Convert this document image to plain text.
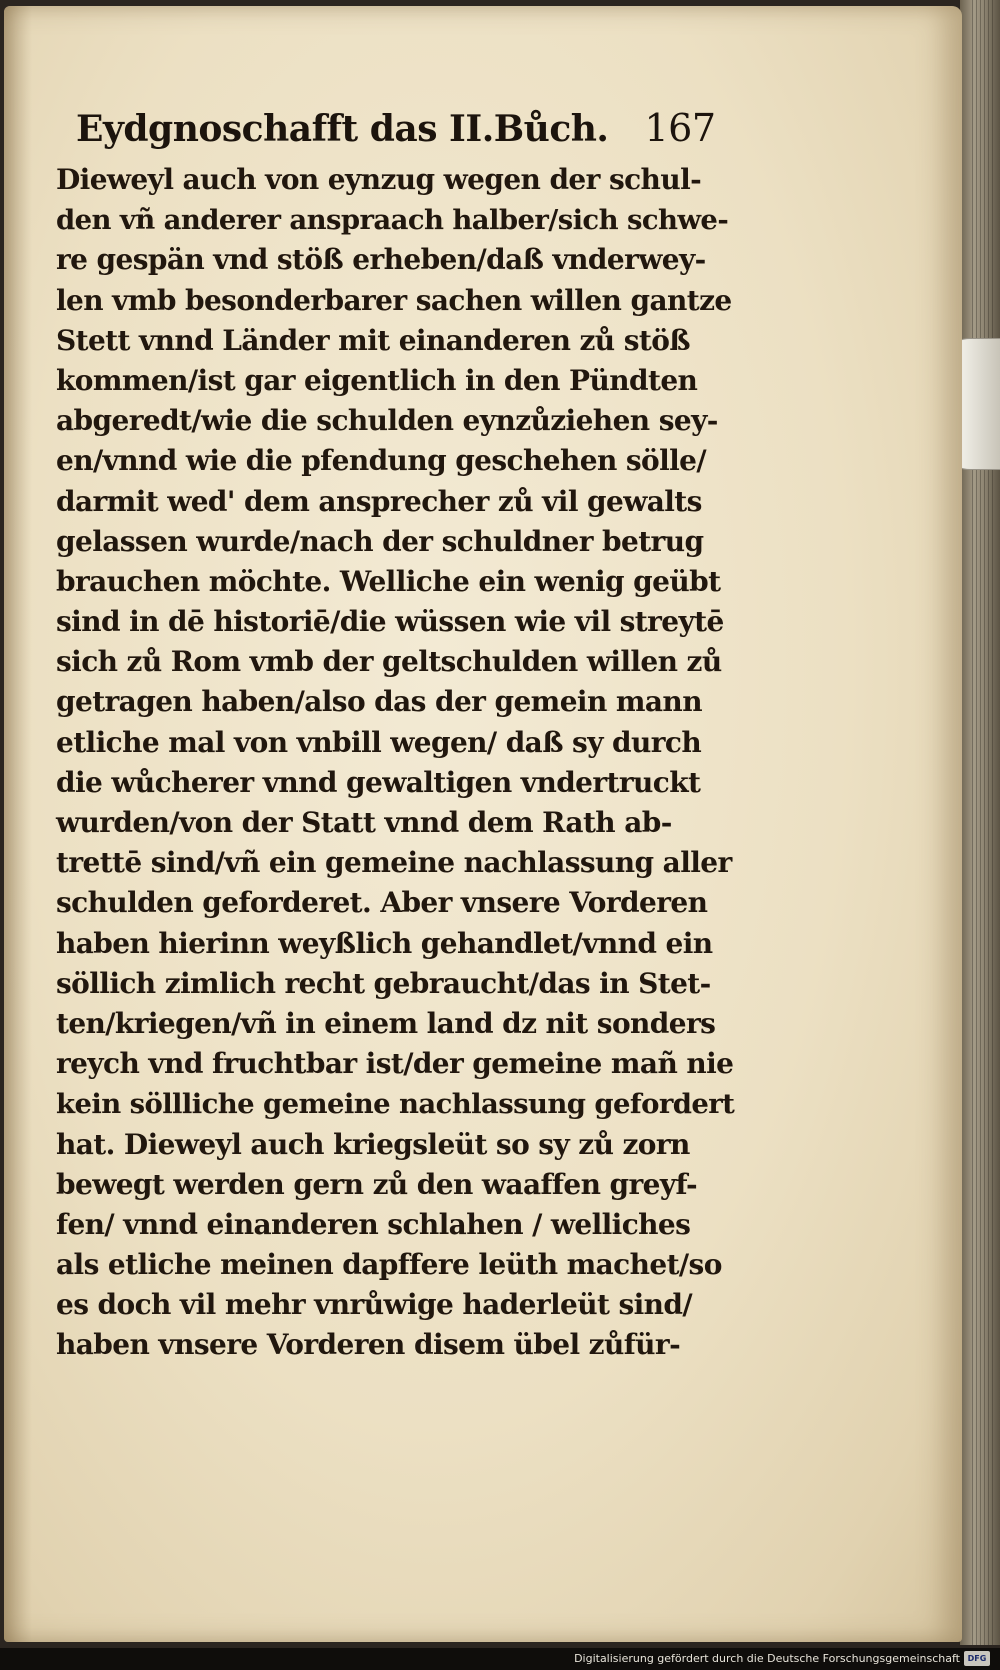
Eydgnoschafft das II.Bůch. 167
Dieweyl auch von eynzug wegen der schul-
den vñ anderer anspraach halber/sich schwe-
re gespän vnd stöß erheben/daß vnderwey-
len vmb besonderbarer sachen willen gantze
Stett vnnd Länder mit einanderen zů stöß
kommen/ist gar eigentlich in den Pündten
abgeredt/wie die schulden eynzůziehen sey-
en/vnnd wie die pfendung geschehen sölle/
darmit wed' dem ansprecher zů vil gewalts
gelassen wurde/nach der schuldner betrug
brauchen möchte. Welliche ein wenig geübt
sind in dē historiē/die wüssen wie vil streytē
sich zů Rom vmb der geltschulden willen zů
getragen haben/also das der gemein mann
etliche mal von vnbill wegen/ daß sy durch
die wůcherer vnnd gewaltigen vndertruckt
wurden/von der Statt vnnd dem Rath ab-
trettē sind/vñ ein gemeine nachlassung aller
schulden geforderet. Aber vnsere Vorderen
haben hierinn weyßlich gehandlet/vnnd ein
söllich zimlich recht gebraucht/das in Stet-
ten/kriegen/vñ in einem land dz nit sonders
reych vnd fruchtbar ist/der gemeine mañ nie
kein söllliche gemeine nachlassung gefordert
hat. Dieweyl auch kriegsleüt so sy zů zorn
bewegt werden gern zů den waaffen greyf-
fen/ vnnd einanderen schlahen / welliches
als etliche meinen dapffere leüth machet/so
es doch vil mehr vnrůwige haderleüt sind/
haben vnsere Vorderen disem übel zůfür-
Digitalisierung gefördert durch die Deutsche Forschungsgemeinschaft DFG
